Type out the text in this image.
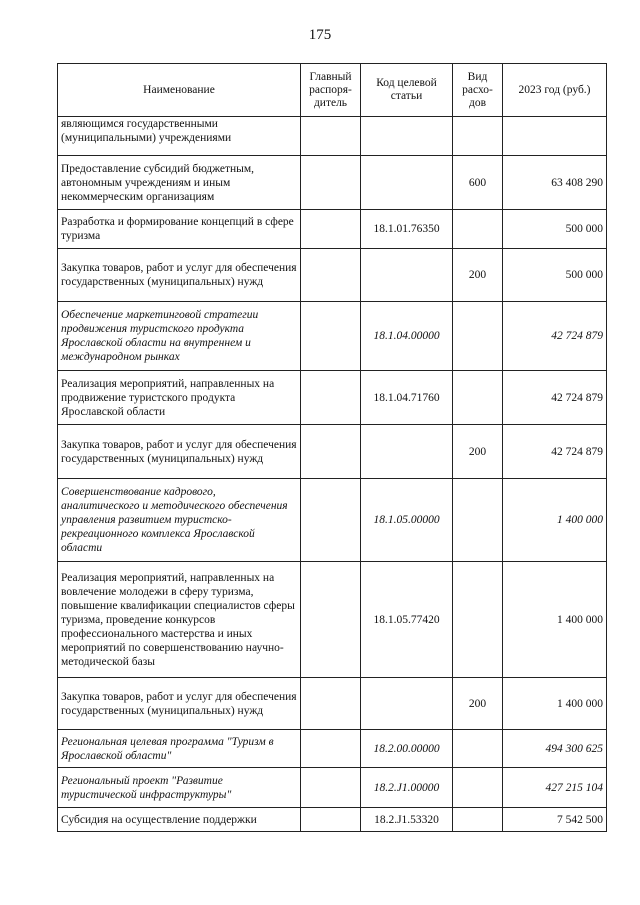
175
Наименование	Главный распоря-дитель	Код целевой статьи	Вид расхо-дов	2023 год (руб.)
являющимся государственными (муниципальными) учреждениями				
Предоставление субсидий бюджетным, автономным учреждениям и иным некоммерческим организациям			600	63 408 290
Разработка и формирование концепций в сфере туризма		18.1.01.76350		500 000
Закупка товаров, работ и услуг для обеспечения государственных (муниципальных) нужд			200	500 000
Обеспечение маркетинговой стратегии продвижения туристского продукта Ярославской области на внутреннем и международном рынках		18.1.04.00000		42 724 879
Реализация мероприятий, направленных на продвижение туристского продукта Ярославской области		18.1.04.71760		42 724 879
Закупка товаров, работ и услуг для обеспечения государственных (муниципальных) нужд			200	42 724 879
Совершенствование кадрового, аналитического и методического обеспечения управления развитием туристско-рекреационного комплекса Ярославской области		18.1.05.00000		1 400 000
Реализация мероприятий, направленных на вовлечение молодежи в сферу туризма, повышение квалификации специалистов сферы туризма, проведение конкурсов профессионального мастерства и иных мероприятий по совершенствованию научно-методической базы		18.1.05.77420		1 400 000
Закупка товаров, работ и услуг для обеспечения государственных (муниципальных) нужд			200	1 400 000
Региональная целевая программа "Туризм в Ярославской области"		18.2.00.00000		494 300 625
Региональный проект "Развитие туристической инфраструктуры"		18.2.J1.00000		427 215 104
Субсидия на осуществление поддержки		18.2.J1.53320		7 542 500
